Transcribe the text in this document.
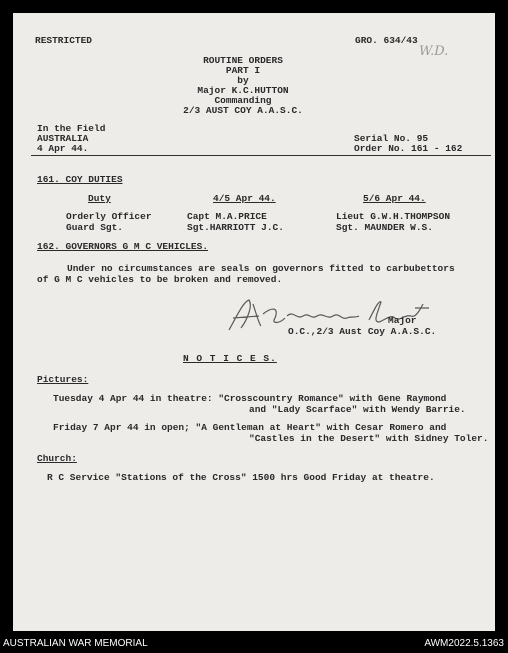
RESTRICTED	GRO. 634/43
W.D.
ROUTINE ORDERS
PART I
by
Major K.C.HUTTON
Commanding
2/3 AUST COY A.A.S.C.
In the Field
AUSTRALIA
4 Apr 44.
Serial No. 95
Order No. 161 - 162
161. COY DUTIES
Duty	4/5 Apr 44.	5/6 Apr 44.
Orderly Officer	Capt M.A.PRICE	Lieut G.W.H.THOMPSON
Guard Sgt.	Sgt.HARRIOTT J.C.	Sgt. MAUNDER W.S.
162. GOVERNORS G M C VEHICLES.
Under no circumstances are seals on governors fitted to carbubettors
of G M C vehicles to be broken and removed.
Major
O.C.,2/3 Aust Coy A.A.S.C.
N O T I C E S.
Pictures:
Tuesday 4 Apr 44 in theatre: "Crosscountry Romance" with Gene Raymond
and "Lady Scarface" with Wendy Barrie.
Friday 7 Apr 44 in open; "A Gentleman at Heart" with Cesar Romero and
"Castles in the Desert" with Sidney Toler.
Church:
R C Service "Stations of the Cross" 1500 hrs Good Friday at theatre.
AUSTRALIAN WAR MEMORIAL	AWM2022.5.1363
